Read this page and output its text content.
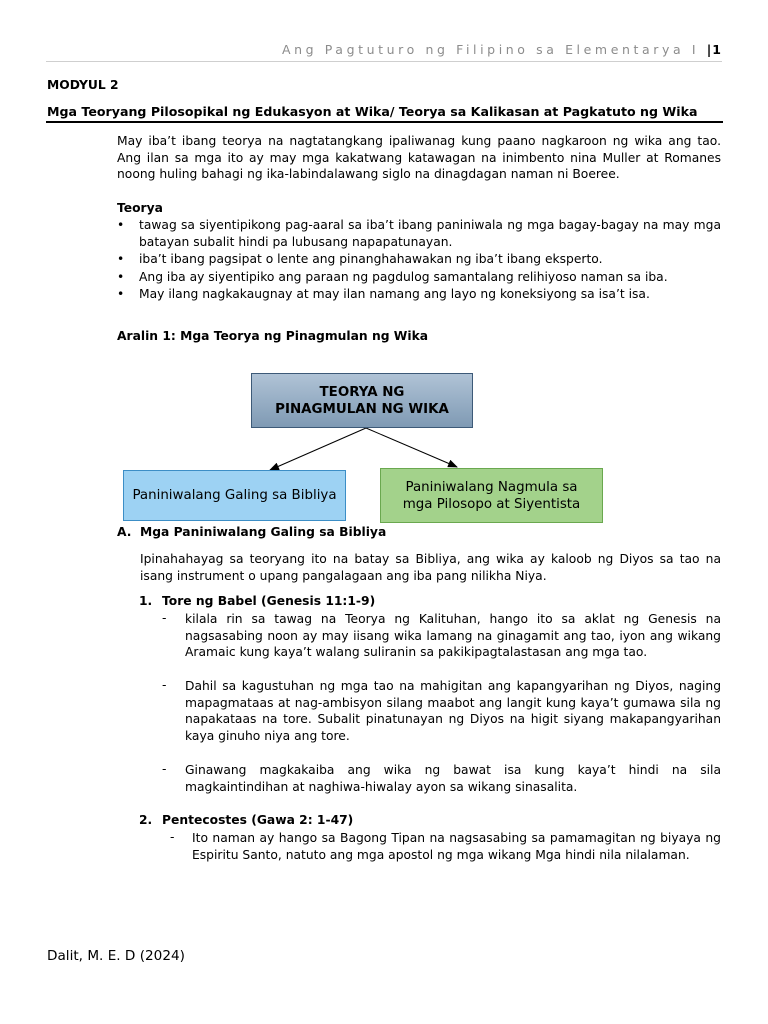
Ang Pagtuturo ng Filipino sa Elementarya I |1
MODYUL 2
Mga Teoryang Pilosopikal ng Edukasyon at Wika/ Teorya sa Kalikasan at Pagkatuto ng Wika

May iba’t ibang teorya na nagtatangkang ipaliwanag kung paano nagkaroon ng wika ang tao. Ang ilan sa mga ito ay may mga kakatwang katawagan na inimbento nina Muller at Romanes noong huling bahagi ng ika-labindalawang siglo na dinagdagan naman ni Boeree.

Teorya
• tawag sa siyentipikong pag-aaral sa iba’t ibang paniniwala ng mga bagay-bagay na may mga batayan subalit hindi pa lubusang napapatunayan.
• iba’t ibang pagsipat o lente ang pinanghahawakan ng iba’t ibang eksperto.
• Ang iba ay siyentipiko ang paraan ng pagdulog samantalang relihiyoso naman sa iba.
• May ilang nagkakaugnay at may ilan namang ang layo ng koneksiyong sa isa’t isa.
Aralin 1: Mga Teorya ng Pinagmulan ng Wika
TEORYA NG PINAGMULAN NG WIKA
Paniniwalang Galing sa Bibliya
Paniniwalang Nagmula sa mga Pilosopo at Siyentista
A. Mga Paniniwalang Galing sa Bibliya

Ipinahahayag sa teoryang ito na batay sa Bibliya, ang wika ay kaloob ng Diyos sa tao na isang instrument o upang pangalagaan ang iba pang nilikha Niya.

1. Tore ng Babel (Genesis 11:1-9)
- kilala rin sa tawag na Teorya ng Kalituhan, hango ito sa aklat ng Genesis na nagsasabing noon ay may iisang wika lamang na ginagamit ang tao, iyon ang wikang Aramaic kung kaya’t walang suliranin sa pakikipagtalastasan ang mga tao.

- Dahil sa kagustuhan ng mga tao na mahigitan ang kapangyarihan ng Diyos, naging mapagmataas at nag-ambisyon silang maabot ang langit kung kaya’t gumawa sila ng napakataas na tore. Subalit pinatunayan ng Diyos na higit siyang makapangyarihan kaya ginuho niya ang tore.

- Ginawang magkakaiba ang wika ng bawat isa kung kaya’t hindi na sila magkaintindihan at naghiwa-hiwalay ayon sa wikang sinasalita.

2. Pentecostes (Gawa 2: 1-47)
- Ito naman ay hango sa Bagong Tipan na nagsasabing sa pamamagitan ng biyaya ng Espiritu Santo, natuto ang mga apostol ng mga wikang Mga hindi nila nilalaman.

Dalit, M. E. D (2024)
